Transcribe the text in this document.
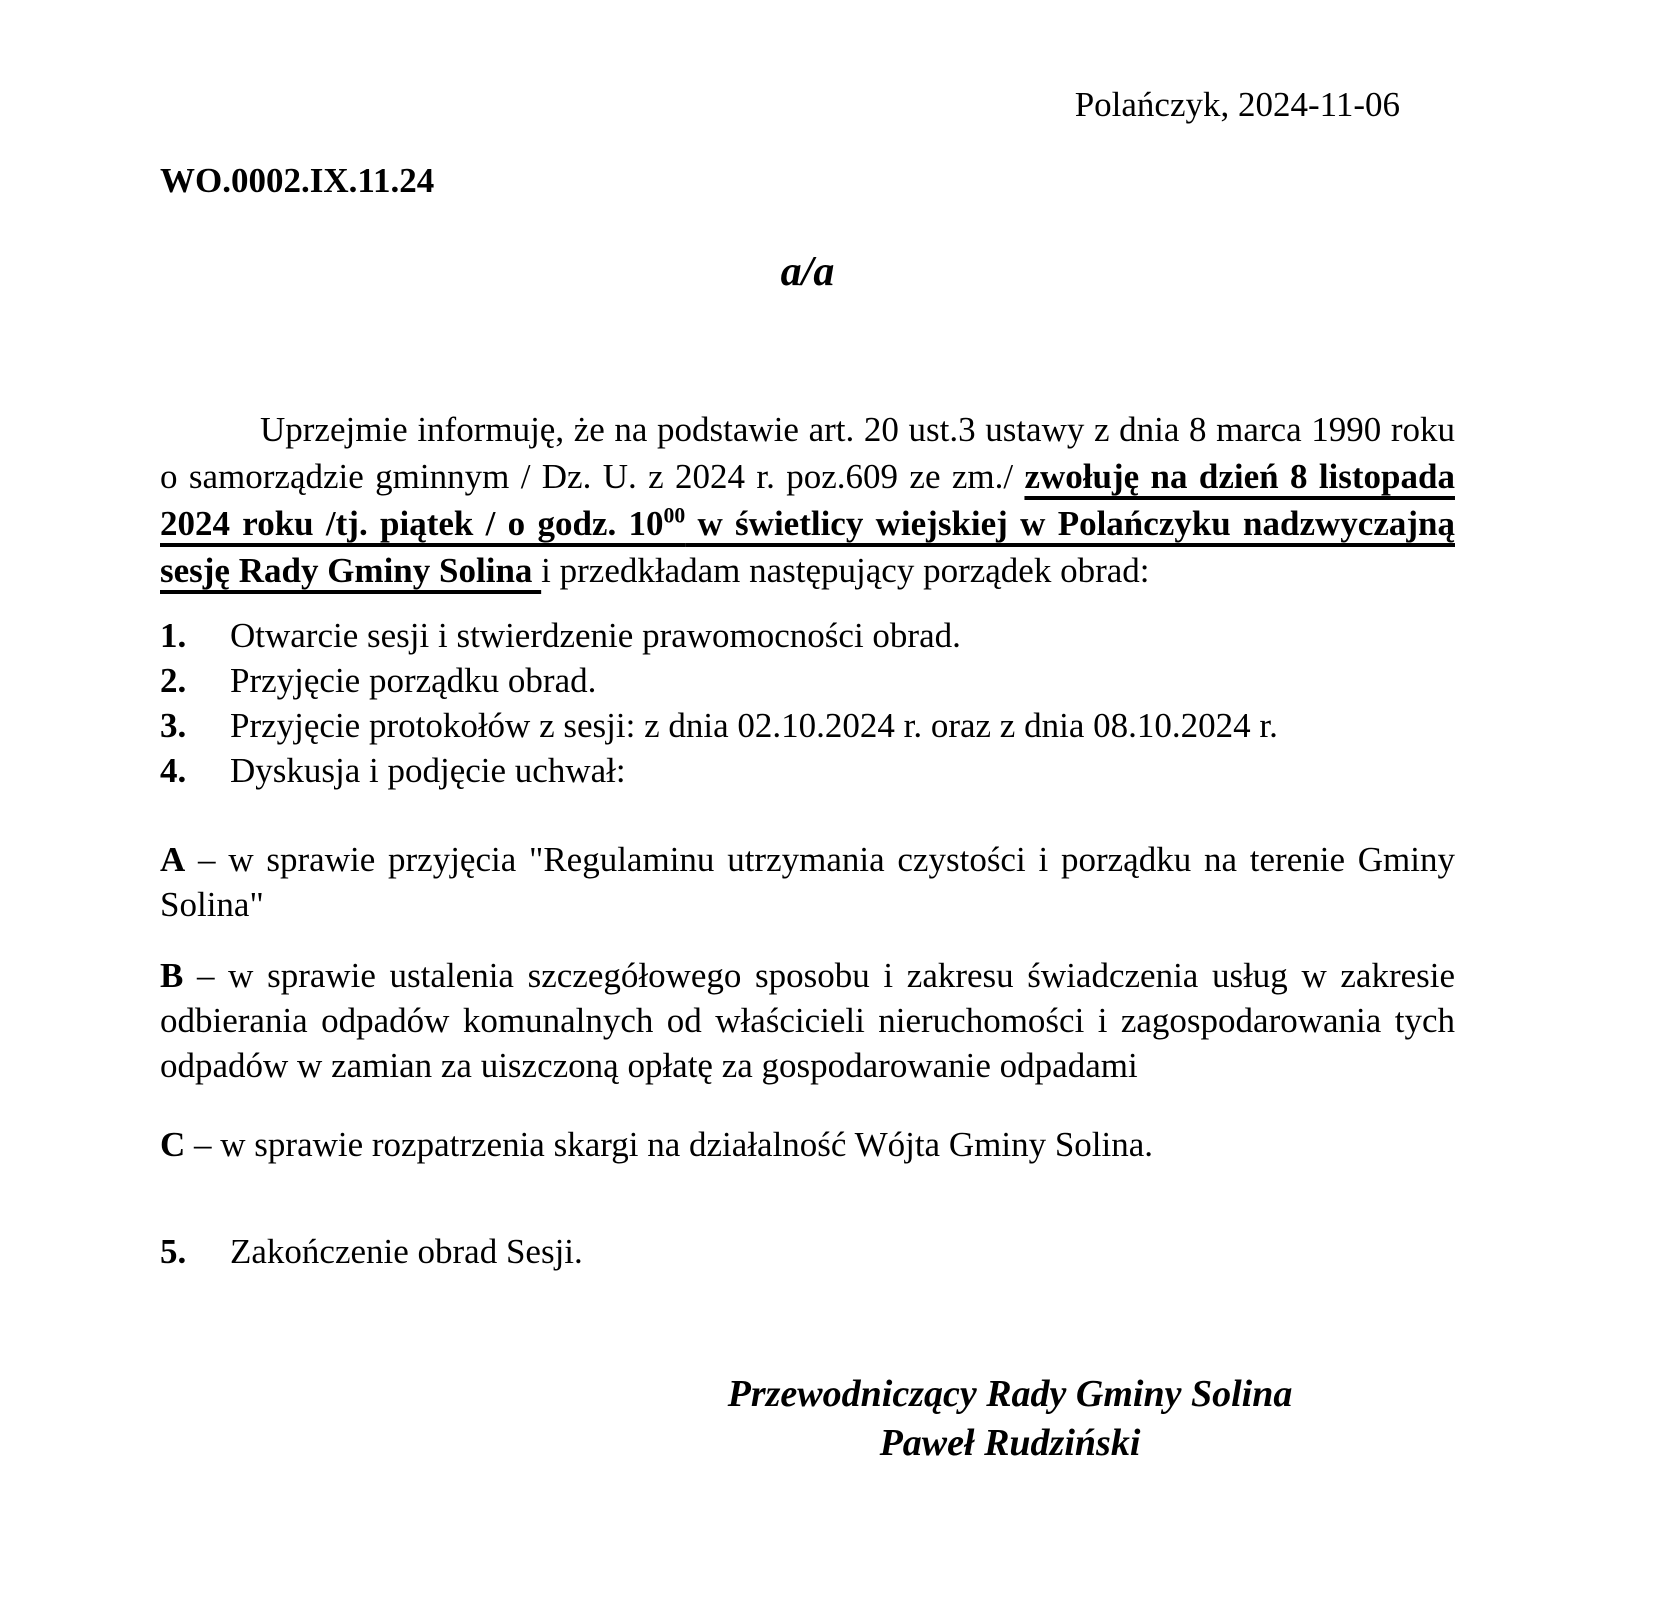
Polańczyk, 2024-11-06
WO.0002.IX.11.24
a/a

Uprzejmie informuję, że na podstawie art. 20 ust.3 ustawy z dnia 8 marca 1990 roku o samorządzie gminnym / Dz. U. z 2024 r. poz.609 ze zm./ zwołuję na dzień 8 listopada 2024 roku /tj. piątek / o godz. $10^{00}$ w świetlicy wiejskiej w Polańczyku nadzwyczajną sesję Rady Gminy Solina i przedkładam następujący porządek obrad:

1.	Otwarcie sesji i stwierdzenie prawomocności obrad.
2.	Przyjęcie porządku obrad.
3.	Przyjęcie protokołów z sesji: z dnia 02.10.2024 r. oraz z dnia 08.10.2024 r.
4.	Dyskusja i podjęcie uchwał:

A – w sprawie przyjęcia "Regulaminu utrzymania czystości i porządku na terenie Gminy Solina"

B – w sprawie ustalenia szczegółowego sposobu i zakresu świadczenia usług w zakresie odbierania odpadów komunalnych od właścicieli nieruchomości i zagospodarowania tych odpadów w zamian za uiszczoną opłatę za gospodarowanie odpadami

C – w sprawie rozpatrzenia skargi na działalność Wójta Gminy Solina.

5.	Zakończenie obrad Sesji.
Przewodniczący Rady Gminy Solina
Paweł Rudziński
